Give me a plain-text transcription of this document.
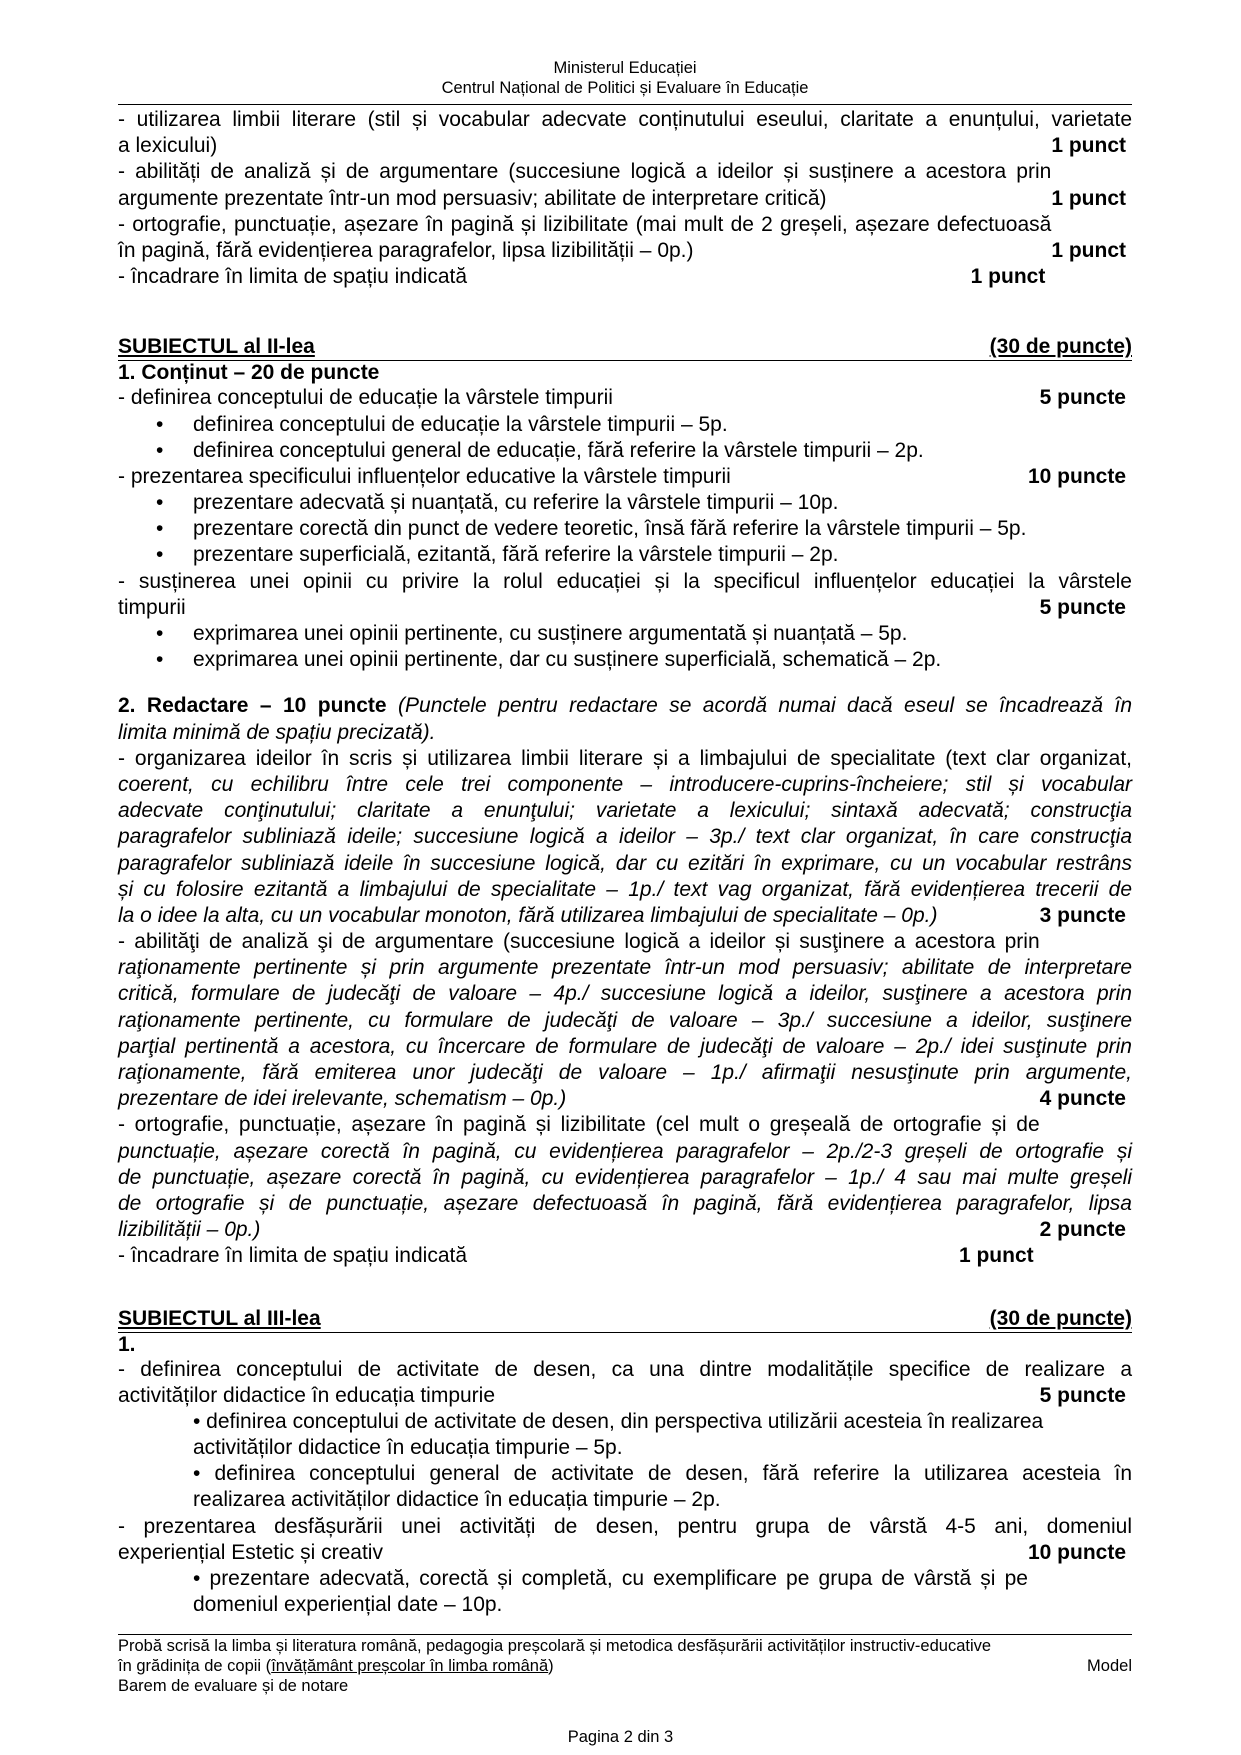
Ministerul Educației
Centrul Național de Politici și Evaluare în Educație
- utilizarea limbii literare (stil și vocabular adecvate conținutului eseului, claritate a enunțului, varietate
a lexicului)	1 punct
- abilități de analiză și de argumentare (succesiune logică a ideilor și susținere a acestora prin
argumente prezentate într-un mod persuasiv; abilitate de interpretare critică)	1 punct
- ortografie, punctuație, așezare în pagină și lizibilitate (mai mult de 2 greșeli, așezare defectuoasă
în pagină, fără evidențierea paragrafelor, lipsa lizibilității – 0p.)	1 punct
- încadrare în limita de spațiu indicată	1 punct
SUBIECTUL al II-lea	(30 de puncte)
1. Conținut – 20 de puncte
- definirea conceptului de educație la vârstele timpurii	5 puncte
• definirea conceptului de educație la vârstele timpurii – 5p.
• definirea conceptului general de educație, fără referire la vârstele timpurii – 2p.
- prezentarea specificului influențelor educative la vârstele timpurii	10 puncte
• prezentare adecvată și nuanțată, cu referire la vârstele timpurii – 10p.
• prezentare corectă din punct de vedere teoretic, însă fără referire la vârstele timpurii – 5p.
• prezentare superficială, ezitantă, fără referire la vârstele timpurii – 2p.
- susținerea unei opinii cu privire la rolul educației și la specificul influențelor educației la vârstele
timpurii	5 puncte
• exprimarea unei opinii pertinente, cu susținere argumentată și nuanțată – 5p.
• exprimarea unei opinii pertinente, dar cu susținere superficială, schematică – 2p.
2. Redactare – 10 puncte (Punctele pentru redactare se acordă numai dacă eseul se încadrează în
limita minimă de spațiu precizată).
- organizarea ideilor în scris și utilizarea limbii literare și a limbajului de specialitate (text clar organizat,
coerent, cu echilibru între cele trei componente – introducere-cuprins-încheiere; stil și vocabular
adecvate conţinutului; claritate a enunţului; varietate a lexicului; sintaxă adecvată; construcţia
paragrafelor subliniază ideile; succesiune logică a ideilor – 3p./ text clar organizat, în care construcţia
paragrafelor subliniază ideile în succesiune logică, dar cu ezitări în exprimare, cu un vocabular restrâns
și cu folosire ezitantă a limbajului de specialitate – 1p./ text vag organizat, fără evidențierea trecerii de
la o idee la alta, cu un vocabular monoton, fără utilizarea limbajului de specialitate – 0p.)	3 puncte
- abilităţi de analiză şi de argumentare (succesiune logică a ideilor și susţinere a acestora prin
raţionamente pertinente și prin argumente prezentate într-un mod persuasiv; abilitate de interpretare
critică, formulare de judecăţi de valoare – 4p./ succesiune logică a ideilor, susţinere a acestora prin
raţionamente pertinente, cu formulare de judecăţi de valoare – 3p./ succesiune a ideilor, susţinere
parţial pertinentă a acestora, cu încercare de formulare de judecăţi de valoare – 2p./ idei susţinute prin
raţionamente, fără emiterea unor judecăţi de valoare – 1p./ afirmaţii nesusţinute prin argumente,
prezentare de idei irelevante, schematism – 0p.)	4 puncte
- ortografie, punctuație, așezare în pagină și lizibilitate (cel mult o greșeală de ortografie și de
punctuație, așezare corectă în pagină, cu evidențierea paragrafelor – 2p./2-3 greșeli de ortografie și
de punctuație, așezare corectă în pagină, cu evidențierea paragrafelor – 1p./ 4 sau mai multe greșeli
de ortografie și de punctuație, așezare defectuoasă în pagină, fără evidențierea paragrafelor, lipsa
lizibilității – 0p.)	2 puncte
- încadrare în limita de spațiu indicată	1 punct
SUBIECTUL al III-lea	(30 de puncte)
1.
- definirea conceptului de activitate de desen, ca una dintre modalitățile specifice de realizare a
activităților didactice în educația timpurie	5 puncte
• definirea conceptului de activitate de desen, din perspectiva utilizării acesteia în realizarea
activităților didactice în educația timpurie – 5p.
• definirea conceptului general de activitate de desen, fără referire la utilizarea acesteia în
realizarea activităților didactice în educația timpurie – 2p.
- prezentarea desfășurării unei activități de desen, pentru grupa de vârstă 4-5 ani, domeniul
experiențial Estetic și creativ	10 puncte
• prezentare adecvată, corectă și completă, cu exemplificare pe grupa de vârstă și pe
domeniul experiențial date – 10p.
Probă scrisă la limba și literatura română, pedagogia preșcolară și metodica desfășurării activităților instructiv-educative
în grădinița de copii (învățământ preșcolar în limba română)	Model
Barem de evaluare și de notare
Pagina 2 din 3
